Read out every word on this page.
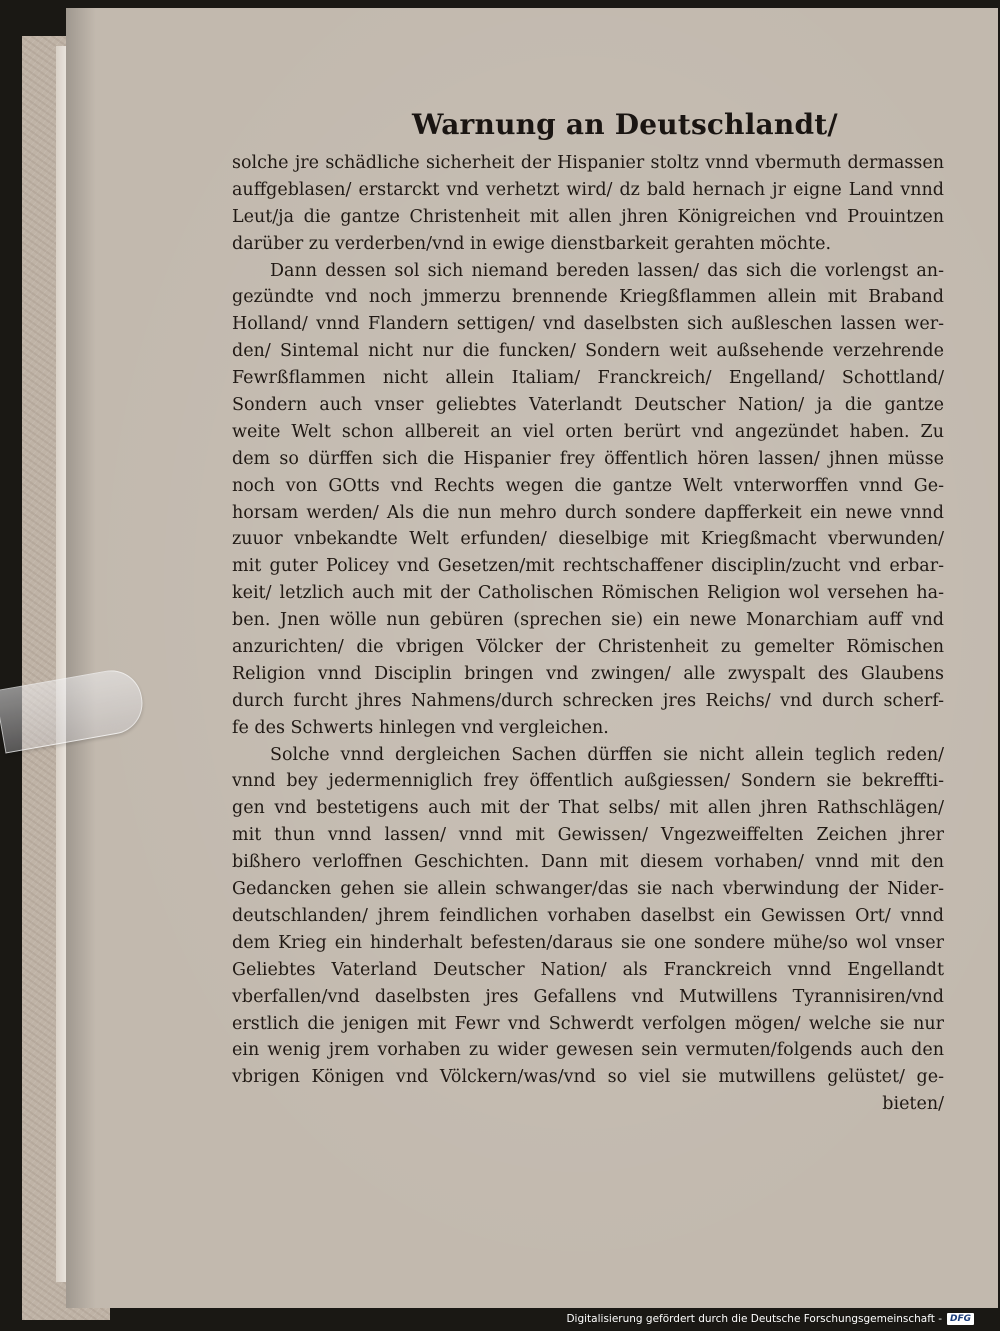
Warnung an Deutschlandt/
solche jre schädliche sicherheit der Hispanier stoltz vnnd vbermuth dermassen
auffgeblasen/ erstarckt vnd verhetzt wird/ dz bald hernach jr eigne Land vnnd
Leut/ja die gantze Christenheit mit allen jhren Königreichen vnd Prouintzen
darüber zu verderben/vnd in ewige dienstbarkeit gerahten möchte.
Dann dessen sol sich niemand bereden lassen/ das sich die vorlengst an-
gezündte vnd noch jmmerzu brennende Kriegßflammen allein mit Braband
Holland/ vnnd Flandern settigen/ vnd daselbsten sich außleschen lassen wer-
den/ Sintemal nicht nur die funcken/ Sondern weit außsehende verzehrende
Fewrßflammen nicht allein Italiam/ Franckreich/ Engelland/ Schottland/
Sondern auch vnser geliebtes Vaterlandt Deutscher Nation/ ja die gantze
weite Welt schon allbereit an viel orten berürt vnd angezündet haben. Zu
dem so dürffen sich die Hispanier frey öffentlich hören lassen/ jhnen müsse
noch von GOtts vnd Rechts wegen die gantze Welt vnterworffen vnnd Ge-
horsam werden/ Als die nun mehro durch sondere dapfferkeit ein newe vnnd
zuuor vnbekandte Welt erfunden/ dieselbige mit Kriegßmacht vberwunden/
mit guter Policey vnd Gesetzen/mit rechtschaffener disciplin/zucht vnd erbar-
keit/ letzlich auch mit der Catholischen Römischen Religion wol versehen ha-
ben. Jnen wölle nun gebüren (sprechen sie) ein newe Monarchiam auff vnd
anzurichten/ die vbrigen Völcker der Christenheit zu gemelter Römischen
Religion vnnd Disciplin bringen vnd zwingen/ alle zwyspalt des Glaubens
durch furcht jhres Nahmens/durch schrecken jres Reichs/ vnd durch scherf-
fe des Schwerts hinlegen vnd vergleichen.
Solche vnnd dergleichen Sachen dürffen sie nicht allein teglich reden/
vnnd bey jedermenniglich frey öffentlich außgiessen/ Sondern sie bekreffti-
gen vnd bestetigens auch mit der That selbs/ mit allen jhren Rathschlägen/
mit thun vnnd lassen/ vnnd mit Gewissen/ Vngezweiffelten Zeichen jhrer
bißhero verloffnen Geschichten. Dann mit diesem vorhaben/ vnnd mit den
Gedancken gehen sie allein schwanger/das sie nach vberwindung der Nider-
deutschlanden/ jhrem feindlichen vorhaben daselbst ein Gewissen Ort/ vnnd
dem Krieg ein hinderhalt befesten/daraus sie one sondere mühe/so wol vnser
Geliebtes Vaterland Deutscher Nation/ als Franckreich vnnd Engellandt
vberfallen/vnd daselbsten jres Gefallens vnd Mutwillens Tyrannisiren/vnd
erstlich die jenigen mit Fewr vnd Schwerdt verfolgen mögen/ welche sie nur
ein wenig jrem vorhaben zu wider gewesen sein vermuten/folgends auch den
vbrigen Königen vnd Völckern/was/vnd so viel sie mutwillens gelüstet/ ge-
bieten/
Digitalisierung gefördert durch die Deutsche Forschungsgemeinschaft - DFG
